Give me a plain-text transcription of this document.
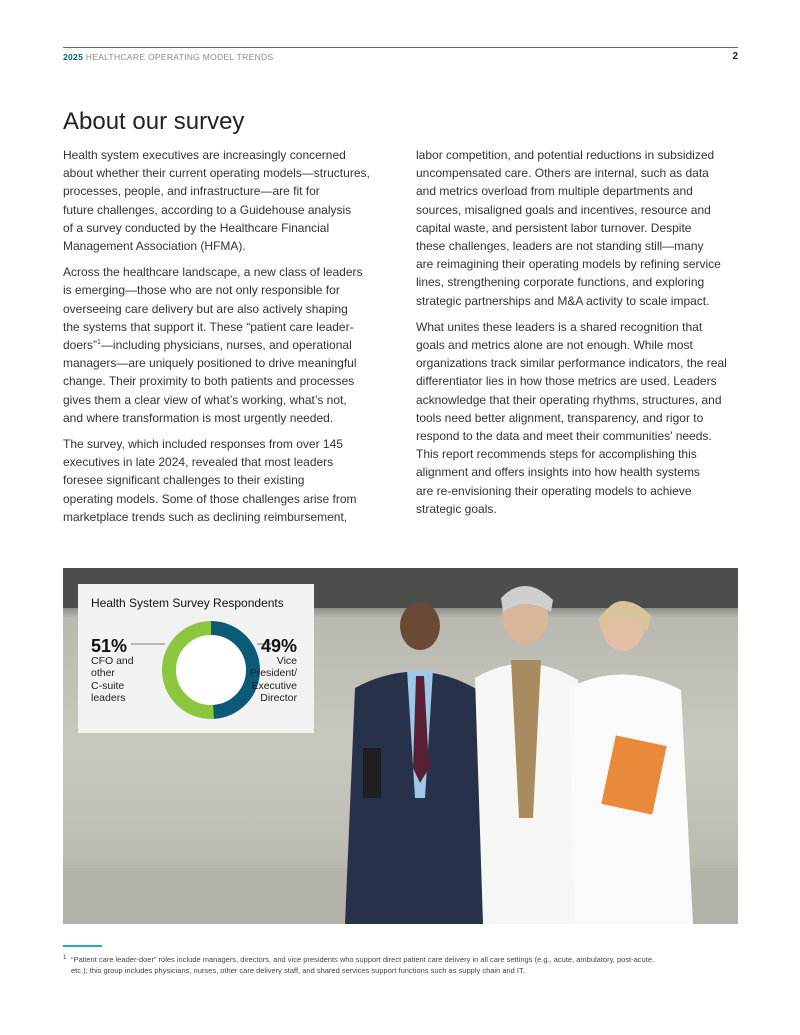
2025 HEALTHCARE OPERATING MODEL TRENDS	2
About our survey

Health system executives are increasingly concerned
about whether their current operating models—structures,
processes, people, and infrastructure—are fit for
future challenges, according to a Guidehouse analysis
of a survey conducted by the Healthcare Financial
Management Association (HFMA).

Across the healthcare landscape, a new class of leaders
is emerging—those who are not only responsible for
overseeing care delivery but are also actively shaping
the systems that support it. These “patient care leader-
doers”$^1$—including physicians, nurses, and operational
managers—are uniquely positioned to drive meaningful
change. Their proximity to both patients and processes
gives them a clear view of what’s working, what’s not,
and where transformation is most urgently needed.

The survey, which included responses from over 145
executives in late 2024, revealed that most leaders
foresee significant challenges to their existing
operating models. Some of those challenges arise from
marketplace trends such as declining reimbursement,

labor competition, and potential reductions in subsidized
uncompensated care. Others are internal, such as data
and metrics overload from multiple departments and
sources, misaligned goals and incentives, resource and
capital waste, and persistent labor turnover. Despite
these challenges, leaders are not standing still—many
are reimagining their operating models by refining service
lines, strengthening corporate functions, and exploring
strategic partnerships and M&A activity to scale impact.

What unites these leaders is a shared recognition that
goals and metrics alone are not enough. While most
organizations track similar performance indicators, the real
differentiator lies in how those metrics are used. Leaders
acknowledge that their operating rhythms, structures, and
tools need better alignment, transparency, and rigor to
respond to the data and meet their communities’ needs.
This report recommends steps for accomplishing this
alignment and offers insights into how health systems
are re-envisioning their operating models to achieve
strategic goals.

Health System Survey Respondents
51%	49%
CFO and
other
C-suite
leaders
Vice
President/
Executive
Director
1 “Patient care leader-doer” roles include managers, directors, and vice presidents who support direct patient care delivery in all care settings (e.g., acute, ambulatory, post-acute,
etc.); this group includes physicians, nurses, other care delivery staff, and shared services support functions such as supply chain and IT.
